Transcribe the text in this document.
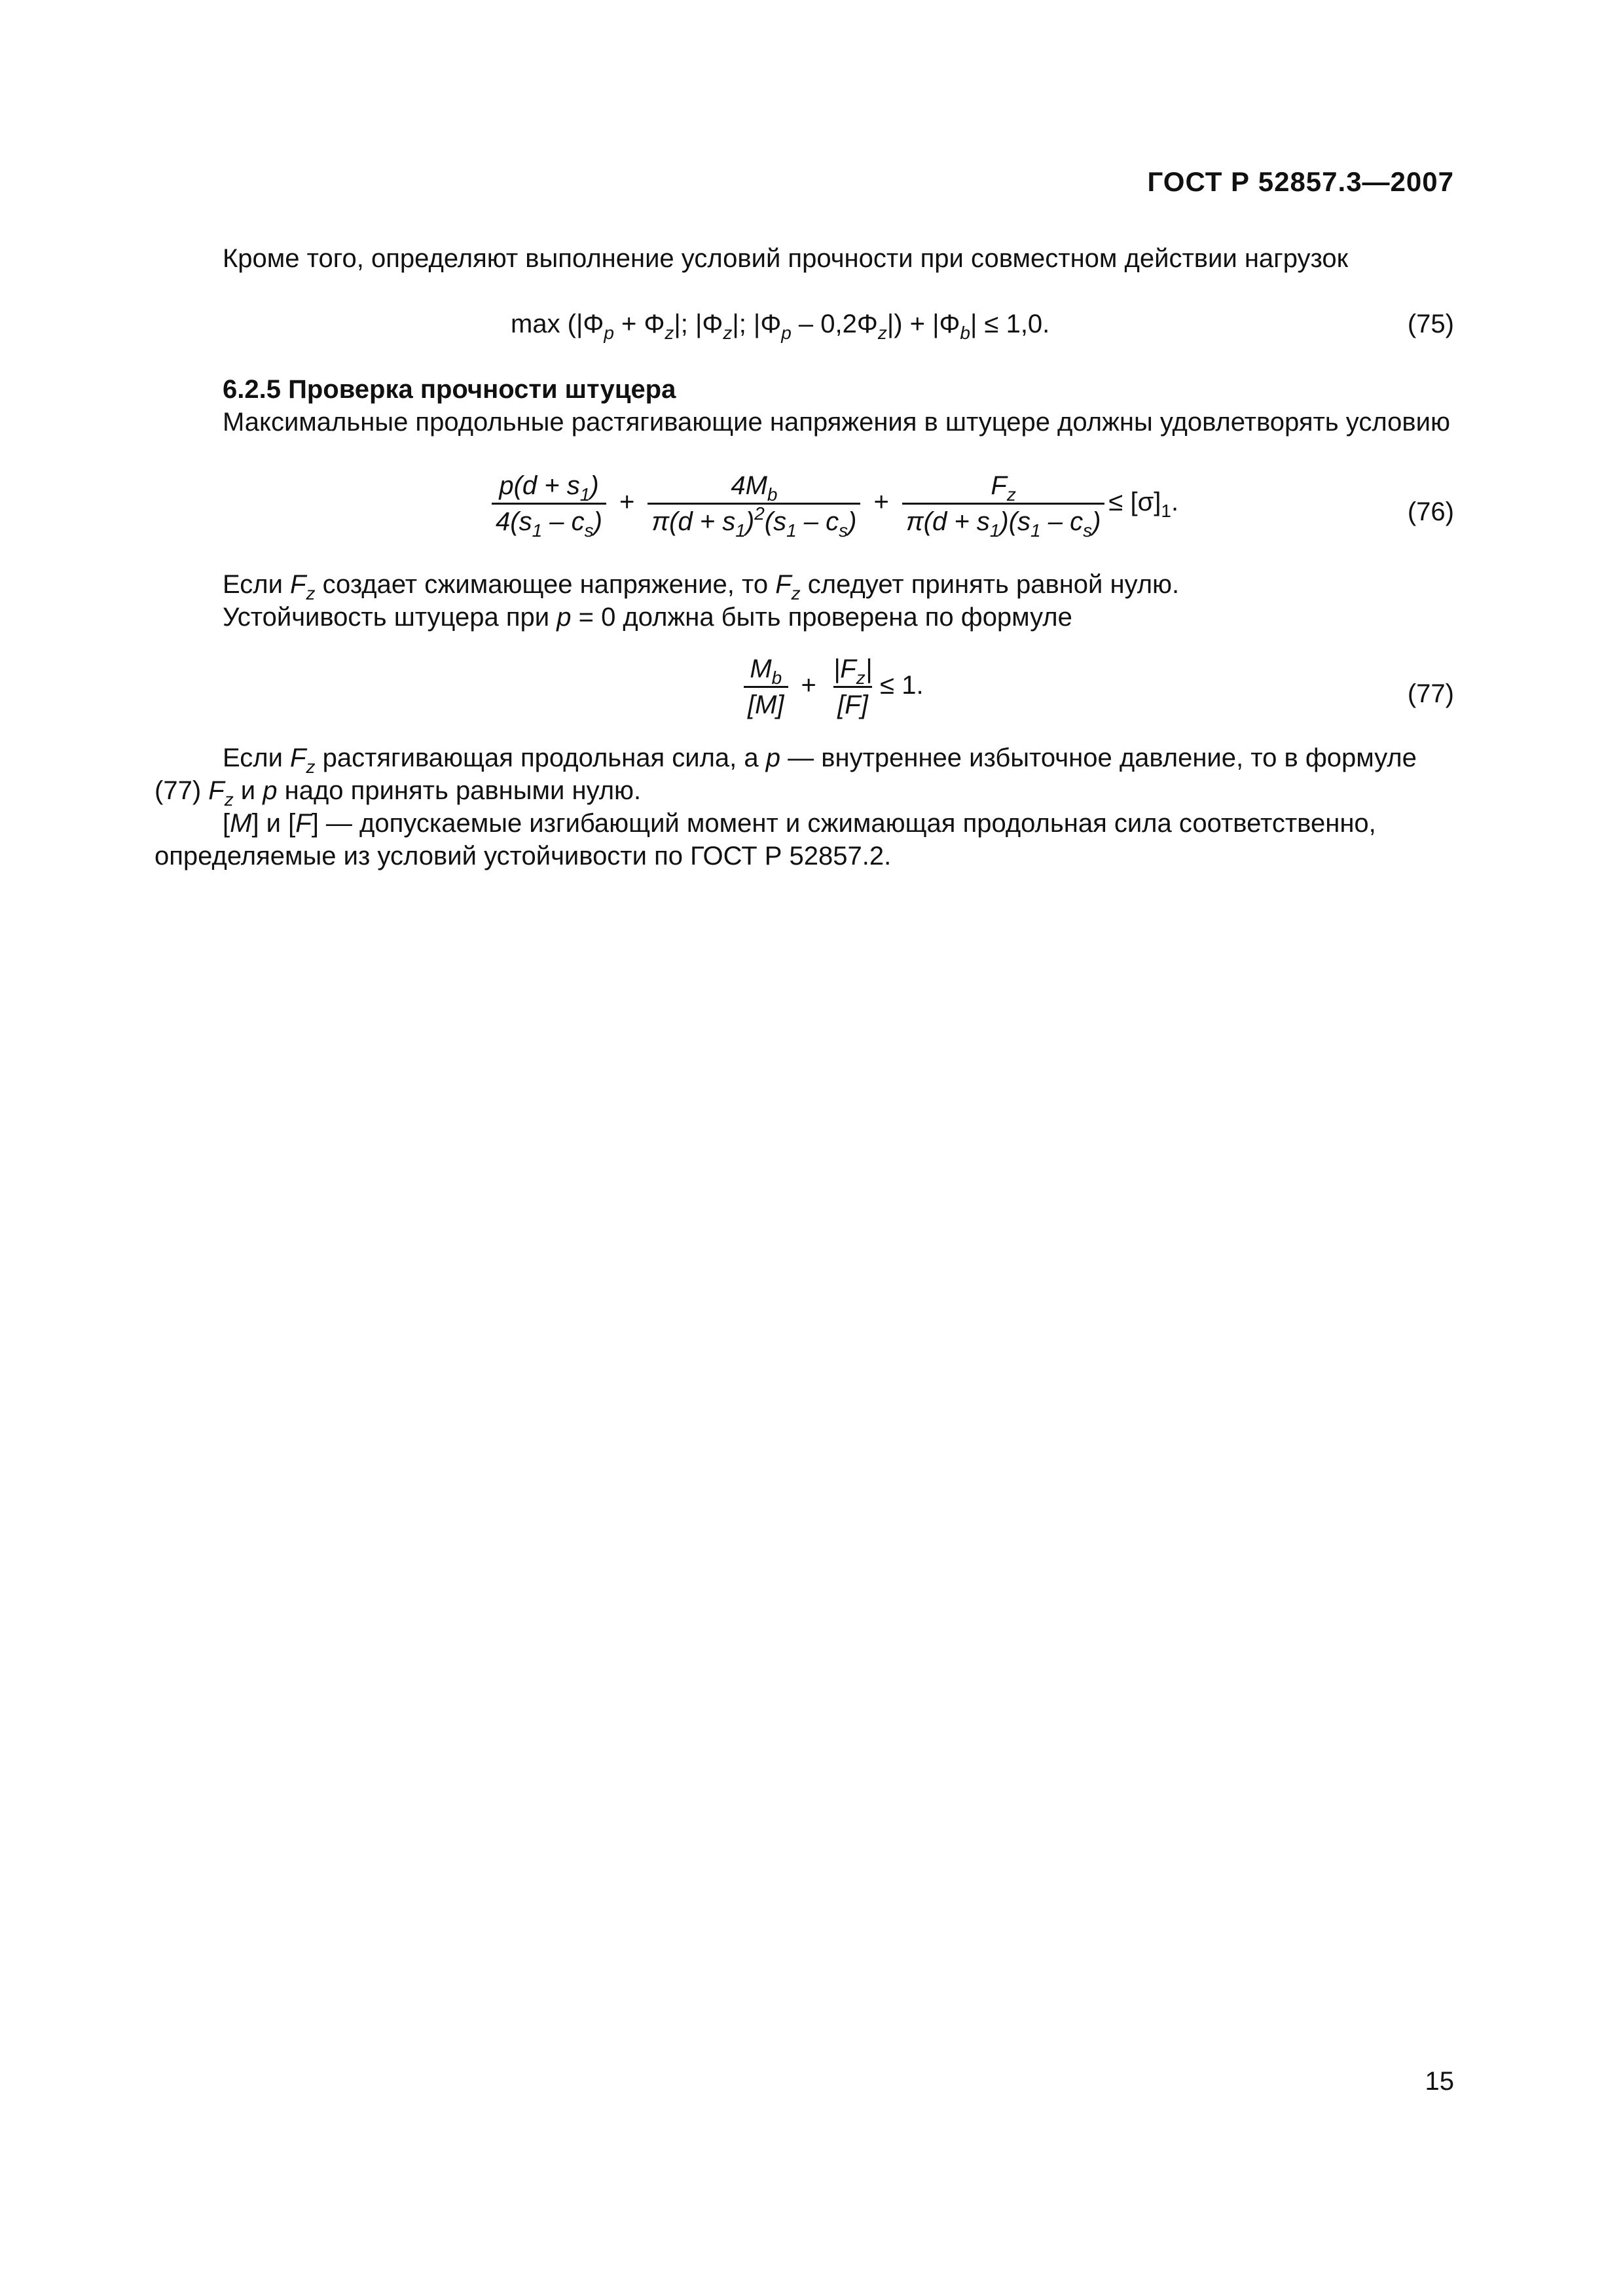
ГОСТ Р 52857.3—2007
Кроме того, определяют выполнение условий прочности при совместном действии нагрузок
$\max (|\Phi_p + \Phi_z|$; $|\Phi_z|$; $|\Phi_p - 0,2\Phi_z|) + |\Phi_b| \le 1,0$.	(75)
6.2.5 Проверка прочности штуцера
Максимальные продольные растягивающие напряжения в штуцере должны удовлетворять условию
$\frac{p(d + s_1)}{4(s_1 - c_s)} + \frac{4M_b}{\pi(d + s_1)^2(s_1 - c_s)} + \frac{F_z}{\pi(d + s_1)(s_1 - c_s)} \le [\sigma]_1$.	(76)
Если $F_z$ создает сжимающее напряжение, то $F_z$ следует принять равной нулю.
Устойчивость штуцера при p = 0 должна быть проверена по формуле
$\frac{M_b}{[M]} + \frac{|F_z|}{[F]} \le 1$.	(77)
Если $F_z$ растягивающая продольная сила, а p — внутреннее избыточное давление, то в формуле
(77) $F_z$ и p надо принять равными нулю.
[M] и [F] — допускаемые изгибающий момент и сжимающая продольная сила соответственно,
определяемые из условий устойчивости по ГОСТ Р 52857.2.
15
